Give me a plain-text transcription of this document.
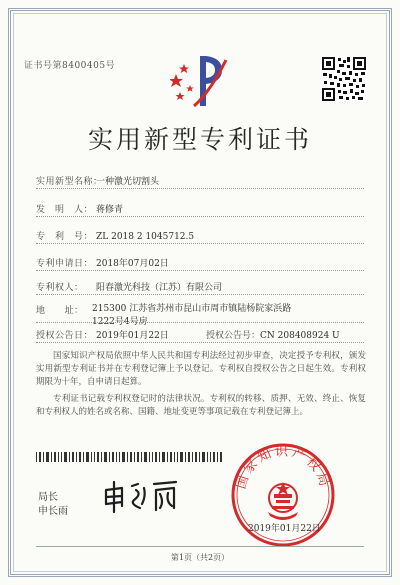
证书号第8400405号
实用新型专利证书
实用新型名称：一种激光切割头
发　明　人： 蒋修青
专　利　号： ZL 2018 2 1045712.5
专利申请日： 2018年07月02日
专利权人： 阳春激光科技（江苏）有限公司
地　　址： 215300 江苏省苏州市昆山市周市镇陆杨院家浜路1222号4号房
授权公告日： 2019年01月22日	授权公告号：CN 208408924 U
国家知识产权局依照中华人民共和国专利法经过初步审查，决定授予专利权，颁发实用新型专利证书并在专利登记簿上予以登记。专利权自授权公告之日起生效。专利权期限为十年，自申请日起算。
专利证书记载专利权登记时的法律状况。专利权的转移、质押、无效、终止、恢复和专利权人的姓名或名称、国籍、地址变更等事项记载在专利登记簿上。
局长
申长雨
国家知识产权局
2019年01月22日
第1页（共2页）
